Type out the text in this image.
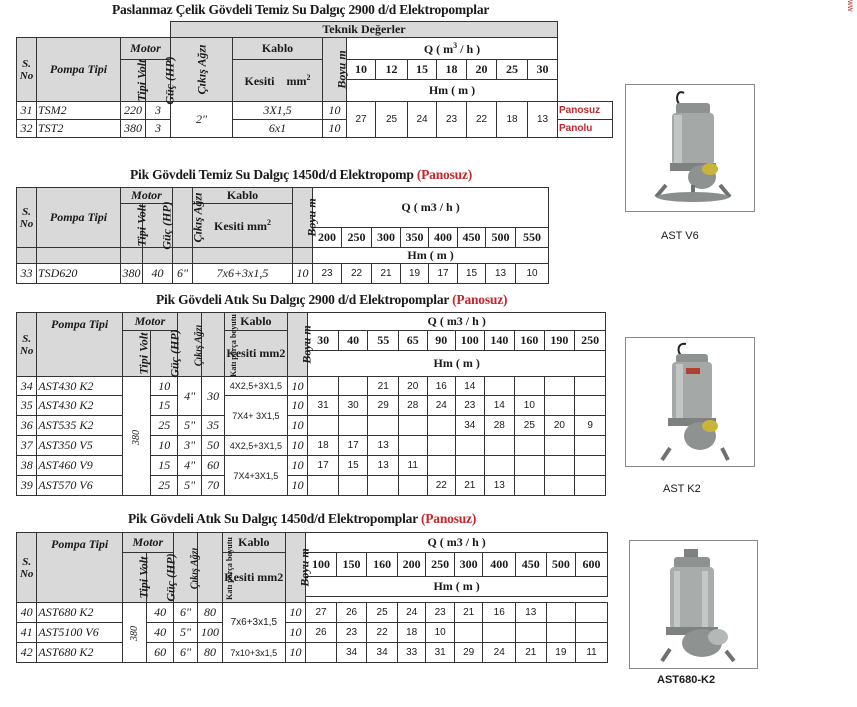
ww
Paslanmaz Çelik Gövdeli Temiz Su Dalgıç 2900 d/d Elektropomplar
				Teknik Değerler										
S. No	Pompa Tipi	Motor		Çıkış Ağzı	Kablo	Boyu m	Q ( $m^3$ / h )							
		Tipi Volt	Güç (HP)		Kesiti $mm^2$		10	12	15	18	20	25	30	
							Hm ( m )							
31	TSM2	220	3	2"	3X1,5	10	27	25	24	23	22	18	13	Panosuz
32	TST2	380	3		6x1	10								Panolu
Pik Gövdeli Temiz Su Dalgıç 1450d/d Elektropomp (Panosuz)
S. No	Pompa Tipi	Motor		Çıkış Ağzı	Kablo	Boyu m	Q ( m3 / h )							
		Tipi Volt	Güç (HP)		Kesiti $mm^2$
							200	250	300	350	400	450	500	550
							Hm ( m )							
33	TSD620	380	40	6"	7x6+3x1,5	10	23	22	21	19	17	15	13	10
Pik Gövdeli Atık Su Dalgıç 2900 d/d Elektropomplar (Panosuz)
S. No	Pompa Tipi	Motor		Çıkış Ağzı	Katı parça boyutu	Kablo	Boyu m	Q ( m3 / h )									
		Tipi Volt	Güç (HP)			Kesiti mm2		30	40	55	65	90	100	140	160	190	250
								Hm ( m )									
34	AST430 K2	380	10	4"	30	4X2,5+3X1,5	10			21	20	16	14				
35	AST430 K2		15			7X4+ 3X1,5	10	31	30	29	28	24	23	14	10		
36	AST535 K2		25	5"	35		10						34	28	25	20	9
37	AST350 V5		10	3"	50	4X2,5+3X1,5	10	18	17	13							
38	AST460 V9		15	4"	60	7X4+3X1,5	10	17	15	13	11						
39	AST570 V6		25	5"	70		10					22	21	13			
Pik Gövdeli Atık Su Dalgıç 1450d/d Elektropomplar (Panosuz)
S. No	Pompa Tipi	Motor		Çıkış Ağzı	Katı parça boyutu	Kablo	Boyu m	Q ( m3 / h )									
		Tipi Volt	Güç (HP)			Kesiti mm2		100	150	160	200	250	300	400	450	500	600
								Hm ( m )									

40	AST680 K2	380	40	6"	80	7x6+3x1,5	10	27	26	25	24	23	21	16	13		
41	AST5100 V6		40	5"	100		10	26	23	22	18	10					
42	AST680 K2		60	6"	80	7x10+3x1,5	10		34	34	33	31	29	24	21	19	11
AST V6
AST K2
AST680-K2
